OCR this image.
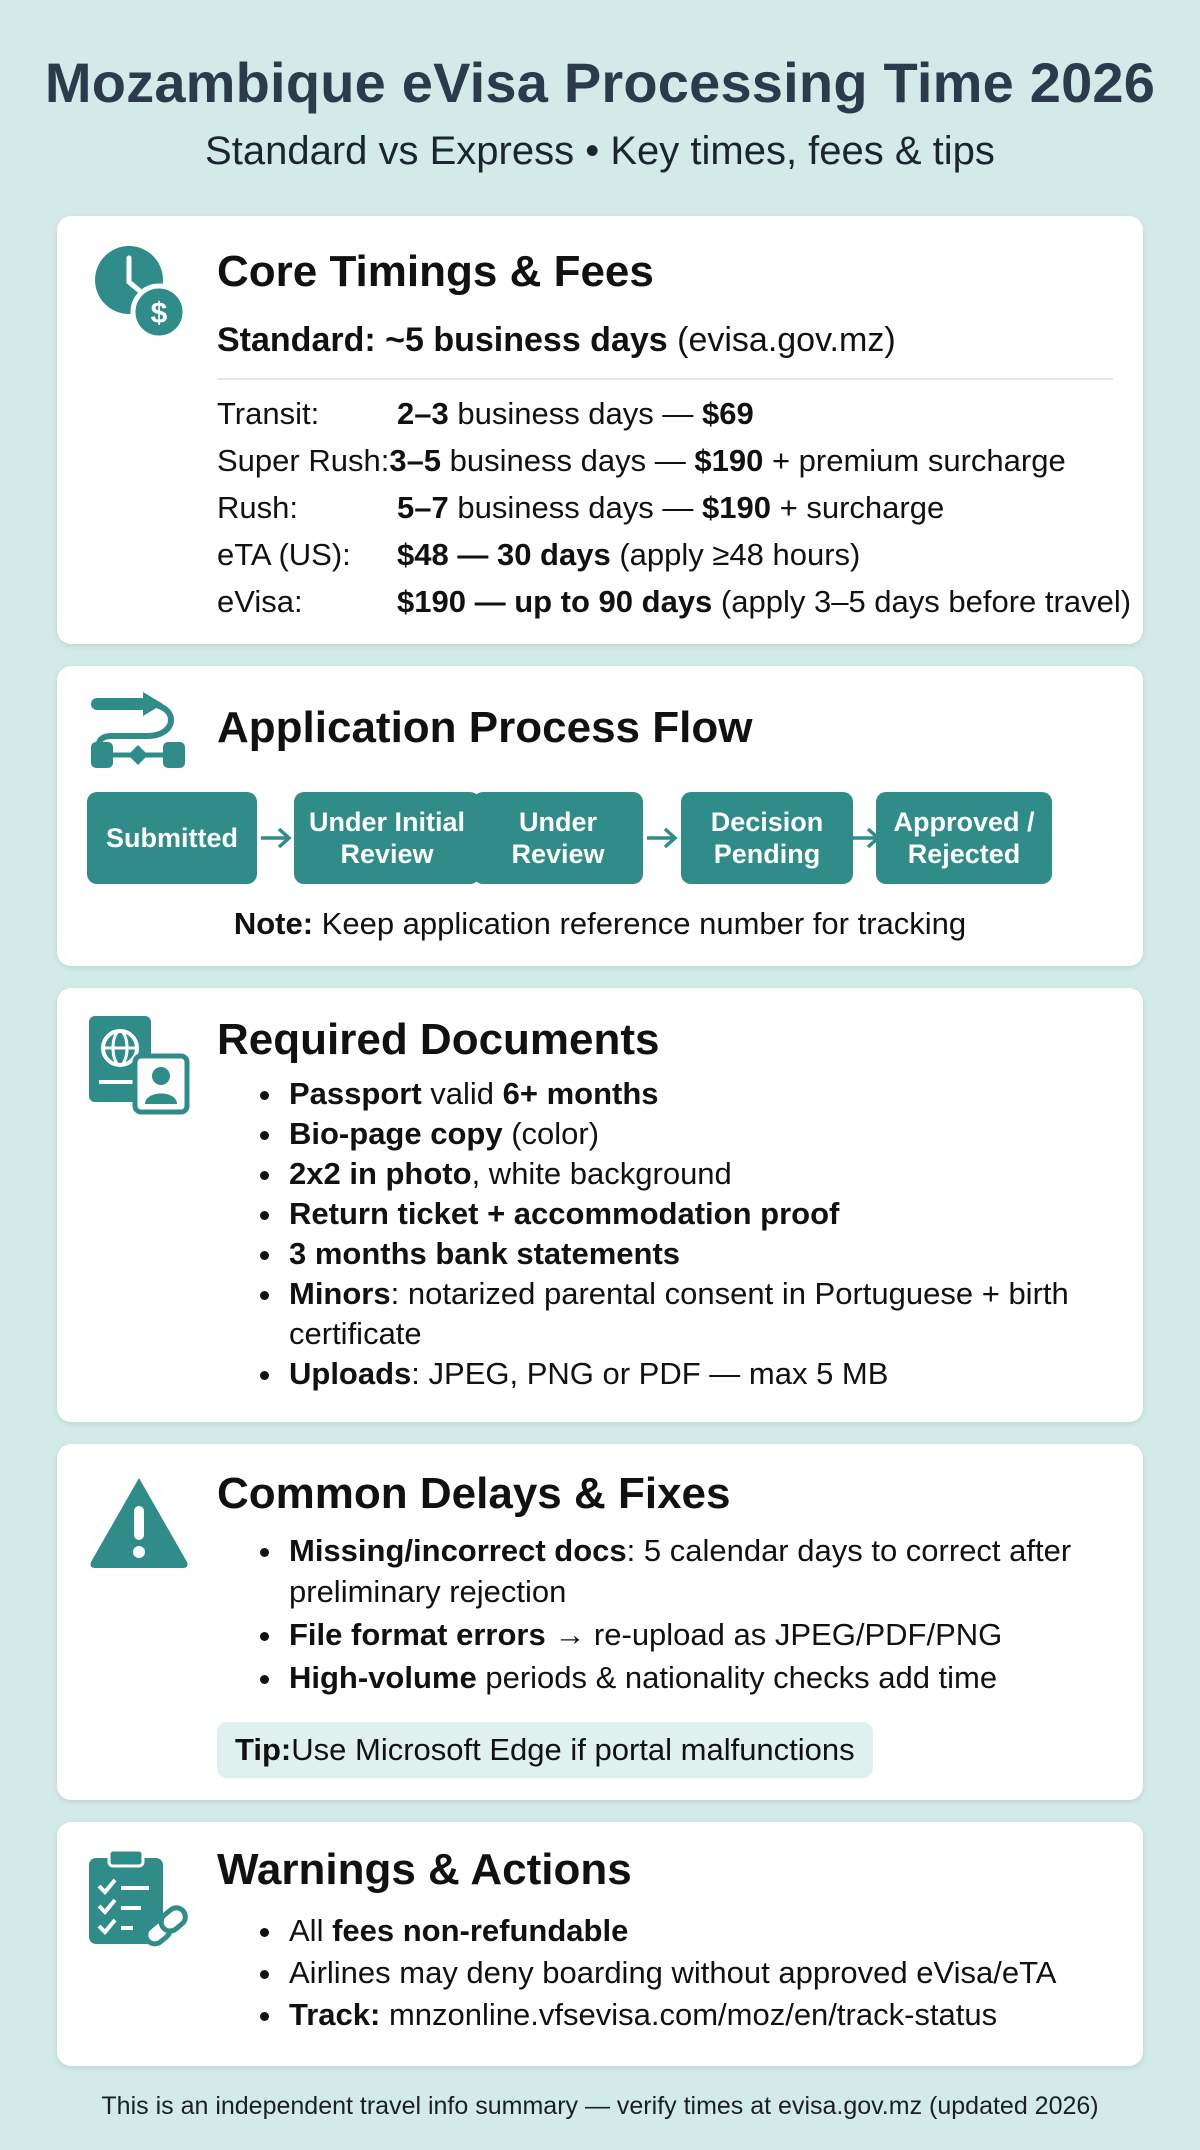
Mozambique eVisa Processing Time 2026
Standard vs Express • Key times, fees & tips
$
Core Timings & Fees
Standard: ~5 business days (evisa.gov.mz)
Transit:	2–3 business days — $69
Super Rush: 3–5 business days — $190 + premium surcharge
Rush:	5–7 business days — $190 + surcharge
eTA (US):	$48 — 30 days (apply ≥48 hours)
eVisa:	$190 — up to 90 days (apply 3–5 days before travel)
Application Process Flow
Submitted
Under Initial Review
Under Review
Decision Pending
Approved / Rejected
Note: Keep application reference number for tracking
Required Documents
• Passport valid 6+ months
• Bio-page copy (color)
• 2x2 in photo, white background
• Return ticket + accommodation proof
• 3 months bank statements
• Minors: notarized parental consent in Portuguese + birth certificate
• Uploads: JPEG, PNG or PDF — max 5 MB
Common Delays & Fixes
• Missing/incorrect docs: 5 calendar days to correct after preliminary rejection
• File format errors → re-upload as JPEG/PDF/PNG
• High-volume periods & nationality checks add time
Tip: Use Microsoft Edge if portal malfunctions
Warnings & Actions
• All fees non-refundable
• Airlines may deny boarding without approved eVisa/eTA
• Track: mnzonline.vfsevisa.com/moz/en/track-status
This is an independent travel info summary — verify times at evisa.gov.mz (updated 2026)
